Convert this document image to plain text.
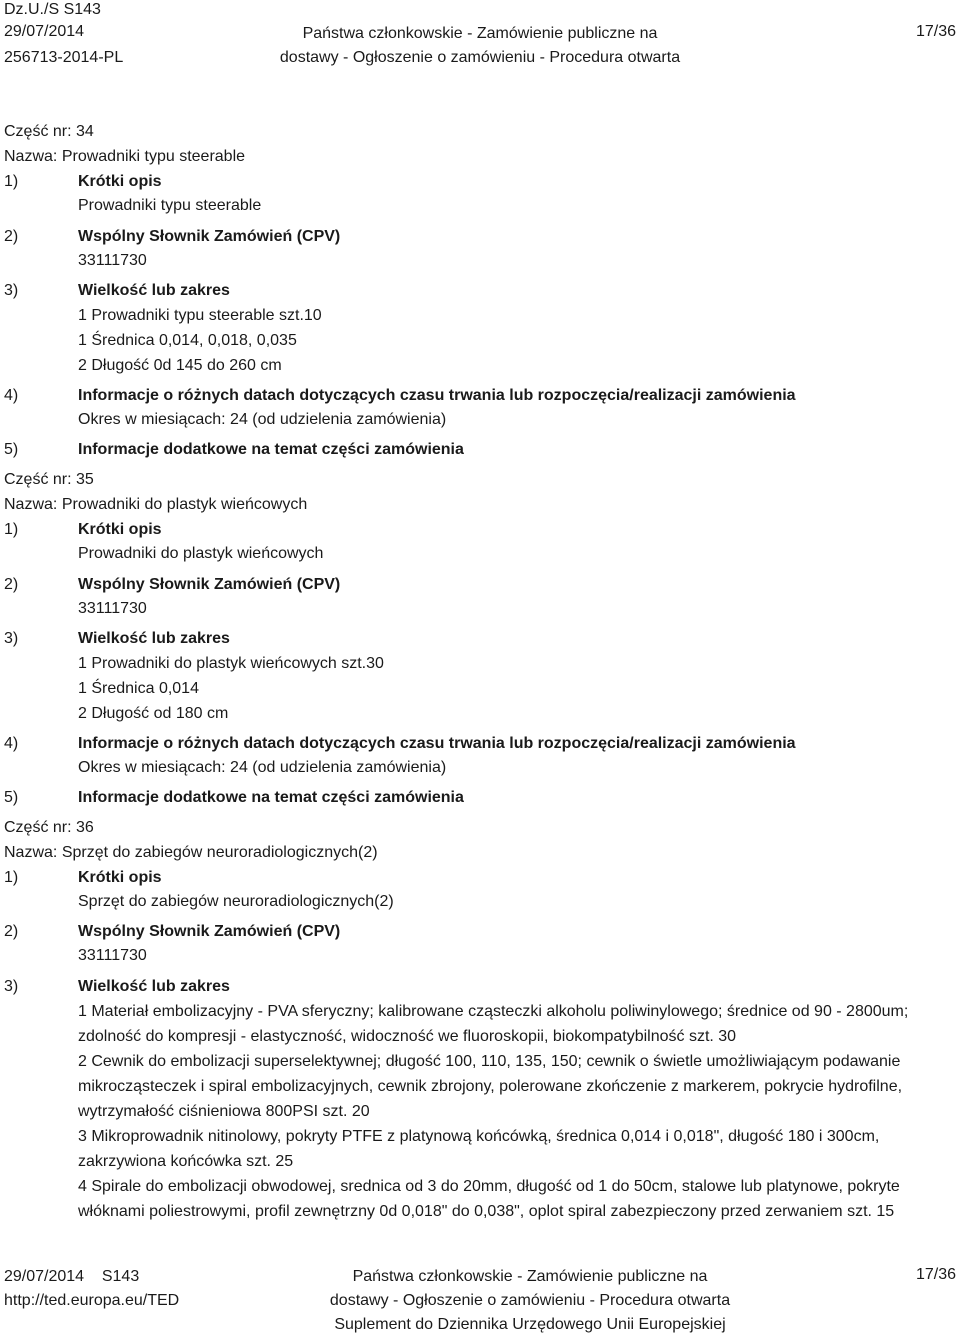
Dz.U./S S143
29/07/2014
256713-2014-PL
Państwa członkowskie - Zamówienie publiczne na
dostawy - Ogłoszenie o zamówieniu - Procedura otwarta
17/36
Część nr: 34
Nazwa: Prowadniki typu steerable
1)	Krótki opis
Prowadniki typu steerable
2)	Wspólny Słownik Zamówień (CPV)
33111730
3)	Wielkość lub zakres
1 Prowadniki typu steerable szt.10
1 Średnica 0,014, 0,018, 0,035
2 Długość 0d 145 do 260 cm
4)	Informacje o różnych datach dotyczących czasu trwania lub rozpoczęcia/realizacji zamówienia
Okres w miesiącach: 24 (od udzielenia zamówienia)
5)	Informacje dodatkowe na temat części zamówienia
Część nr: 35
Nazwa: Prowadniki do plastyk wieńcowych
1)	Krótki opis
Prowadniki do plastyk wieńcowych
2)	Wspólny Słownik Zamówień (CPV)
33111730
3)	Wielkość lub zakres
1 Prowadniki do plastyk wieńcowych szt.30
1 Średnica 0,014
2 Długość od 180 cm
4)	Informacje o różnych datach dotyczących czasu trwania lub rozpoczęcia/realizacji zamówienia
Okres w miesiącach: 24 (od udzielenia zamówienia)
5)	Informacje dodatkowe na temat części zamówienia
Część nr: 36
Nazwa: Sprzęt do zabiegów neuroradiologicznych(2)
1)	Krótki opis
Sprzęt do zabiegów neuroradiologicznych(2)
2)	Wspólny Słownik Zamówień (CPV)
33111730
3)	Wielkość lub zakres
1 Materiał embolizacyjny - PVA sferyczny; kalibrowane cząsteczki alkoholu poliwinylowego; średnice od 90 - 2800um; zdolność do kompresji - elastyczność, widoczność we fluoroskopii, biokompatybilność szt. 30
2 Cewnik do embolizacji superselektywnej; długość 100, 110, 135, 150; cewnik o świetle umożliwiającym podawanie mikrocząsteczek i spiral embolizacyjnych, cewnik zbrojony, polerowane zkończenie z markerem, pokrycie hydrofilne, wytrzymałość ciśnieniowa 800PSI szt. 20
3 Mikroprowadnik nitinolowy, pokryty PTFE z platynową końcówką, średnica 0,014 i 0,018", długość 180 i 300cm, zakrzywiona końcówka szt. 25
4 Spirale do embolizacji obwodowej, srednica od 3 do 20mm, długość od 1 do 50cm, stalowe lub platynowe, pokryte włóknami poliestrowymi, profil zewnętrzny 0d 0,018" do 0,038", oplot spiral zabezpieczony przed zerwaniem szt. 15
29/07/2014 S143
http://ted.europa.eu/TED
Państwa członkowskie - Zamówienie publiczne na
dostawy - Ogłoszenie o zamówieniu - Procedura otwarta
Suplement do Dziennika Urzędowego Unii Europejskiej
17/36
